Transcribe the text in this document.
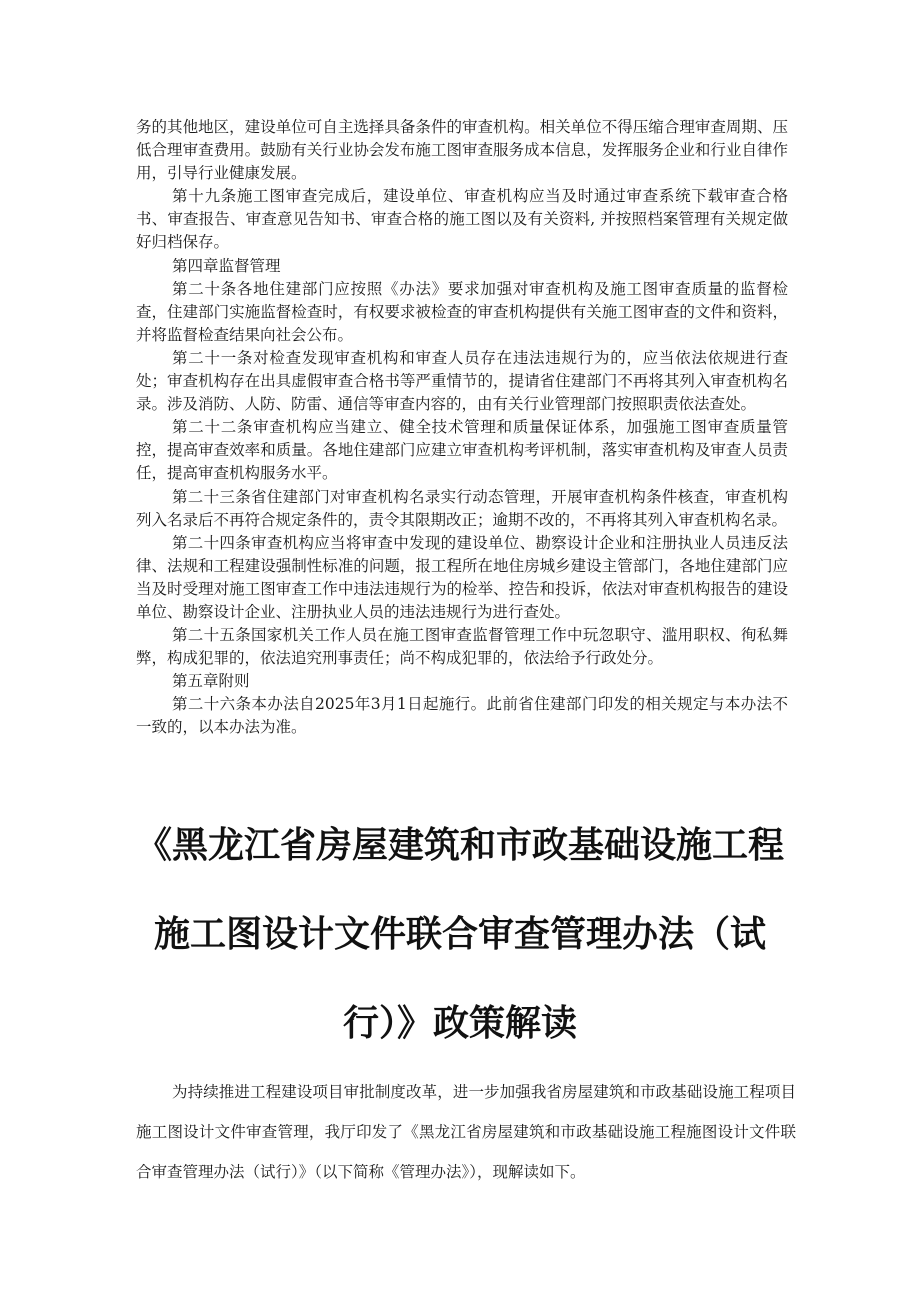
务的其他地区，建设单位可自主选择具备条件的审查机构。相关单位不得压缩合理审查周期、压低合理审查费用。鼓励有关行业协会发布施工图审查服务成本信息，发挥服务企业和行业自律作用，引导行业健康发展。

第十九条施工图审查完成后，建设单位、审查机构应当及时通过审查系统下载审查合格书、审查报告、审查意见告知书、审查合格的施工图以及有关资料, 并按照档案管理有关规定做好归档保存。

第四章监督管理

第二十条各地住建部门应按照《办法》要求加强对审查机构及施工图审查质量的监督检查，住建部门实施监督检查时，有权要求被检查的审查机构提供有关施工图审查的文件和资料，并将监督检查结果向社会公布。

第二十一条对检查发现审查机构和审查人员存在违法违规行为的，应当依法依规进行查处；审查机构存在出具虚假审查合格书等严重情节的，提请省住建部门不再将其列入审查机构名录。涉及消防、人防、防雷、通信等审查内容的，由有关行业管理部门按照职责依法查处。

第二十二条审查机构应当建立、健全技术管理和质量保证体系，加强施工图审查质量管控，提高审查效率和质量。各地住建部门应建立审查机构考评机制，落实审查机构及审查人员责任，提高审查机构服务水平。

第二十三条省住建部门对审查机构名录实行动态管理，开展审查机构条件核查，审查机构列入名录后不再符合规定条件的，责令其限期改正；逾期不改的，不再将其列入审查机构名录。

第二十四条审查机构应当将审查中发现的建设单位、勘察设计企业和注册执业人员违反法律、法规和工程建设强制性标准的问题，报工程所在地住房城乡建设主管部门，各地住建部门应当及时受理对施工图审查工作中违法违规行为的检举、控告和投诉，依法对审查机构报告的建设单位、勘察设计企业、注册执业人员的违法违规行为进行查处。

第二十五条国家机关工作人员在施工图审查监督管理工作中玩忽职守、滥用职权、徇私舞弊，构成犯罪的，依法追究刑事责任；尚不构成犯罪的，依法给予行政处分。

第五章附则

第二十六条本办法自2025年3月1日起施行。此前省住建部门印发的相关规定与本办法不一致的，以本办法为准。

《黑龙江省房屋建筑和市政基础设施工程
施工图设计文件联合审查管理办法（试
行）》政策解读

为持续推进工程建设项目审批制度改革，进一步加强我省房屋建筑和市政基础设施工程项目施工图设计文件审查管理，我厅印发了《黑龙江省房屋建筑和市政基础设施工程施图设计文件联合审查管理办法（试行）》（以下简称《管理办法》），现解读如下。
